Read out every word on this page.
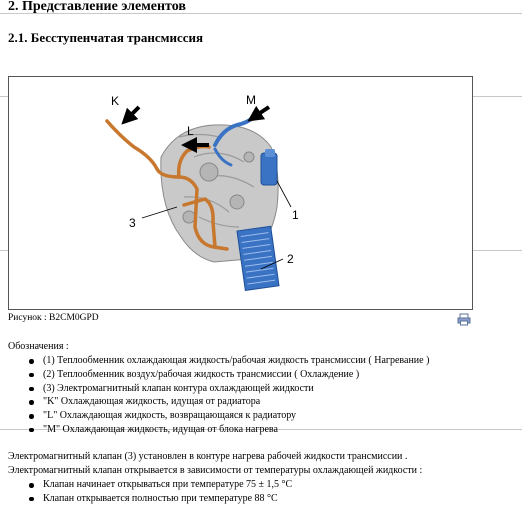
2. Представление элементов
2.1. Бесступенчатая трансмиссия
K
L
M
1
2
3
Рисунок : B2CM0GPD
Обозначения :
(1) Теплообменник охлаждающая жидкость/рабочая жидкость трансмиссии ( Нагревание )
(2) Теплообменник воздух/рабочая жидкость трансмиссии ( Охлаждение )
(3) Электромагнитный клапан контура охлаждающей жидкости
"K" Охлаждающая жидкость, идущая от радиатора
"L" Охлаждающая жидкость, возвращающаяся к радиатору
"M" Охлаждающая жидкость, идущая от блока нагрева
Электромагнитный клапан (3) установлен в контуре нагрева рабочей жидкости трансмиссии .
Электромагнитный клапан открывается в зависимости от температуры охлаждающей жидкости :
Клапан начинает открываться при температуре 75 ± 1,5 °C
Клапан открывается полностью при температуре 88 °C
